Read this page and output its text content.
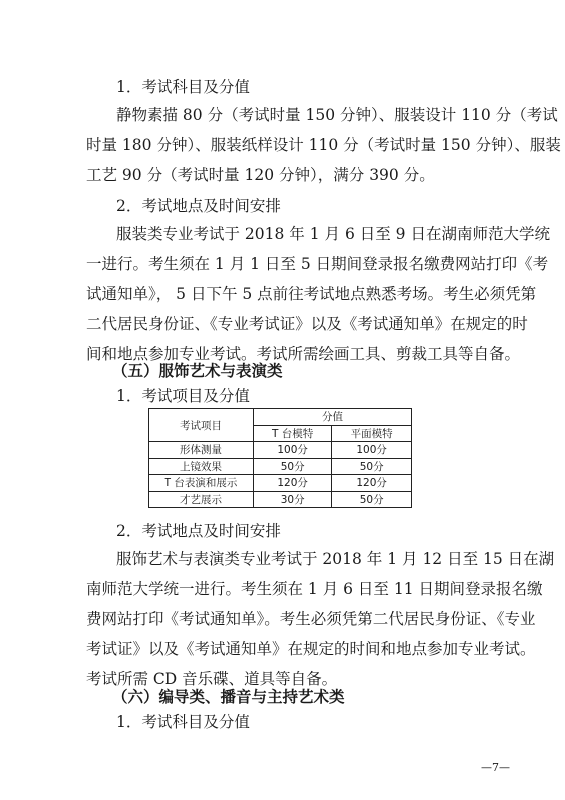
1．考试科目及分值
静物素描 80 分（考试时量 150 分钟）、服装设计 110 分（考试
时量 180 分钟）、服装纸样设计 110 分（考试时量 150 分钟）、服装
工艺 90 分（考试时量 120 分钟），满分 390 分。
2．考试地点及时间安排
服装类专业考试于 2018 年 1 月 6 日至 9 日在湖南师范大学统
一进行。考生须在 1 月 1 日至 5 日期间登录报名缴费网站打印《考
试通知单》， 5 日下午 5 点前往考试地点熟悉考场。考生必须凭第
二代居民身份证、《专业考试证》以及《考试通知单》在规定的时
间和地点参加专业考试。考试所需绘画工具、剪裁工具等自备。
（五）服饰艺术与表演类
1．考试项目及分值
考试项目	分值	
	T 台模特	平面模特
形体测量	100分	100分
上镜效果	50分	50分
T 台表演和展示	120分	120分
才艺展示	30分	50分
2．考试地点及时间安排
服饰艺术与表演类专业考试于 2018 年 1 月 12 日至 15 日在湖
南师范大学统一进行。考生须在 1 月 6 日至 11 日期间登录报名缴
费网站打印《考试通知单》。考生必须凭第二代居民身份证、《专业
考试证》以及《考试通知单》在规定的时间和地点参加专业考试。
考试所需 CD 音乐碟、道具等自备。
（六）编导类、播音与主持艺术类
1．考试科目及分值
—7—
